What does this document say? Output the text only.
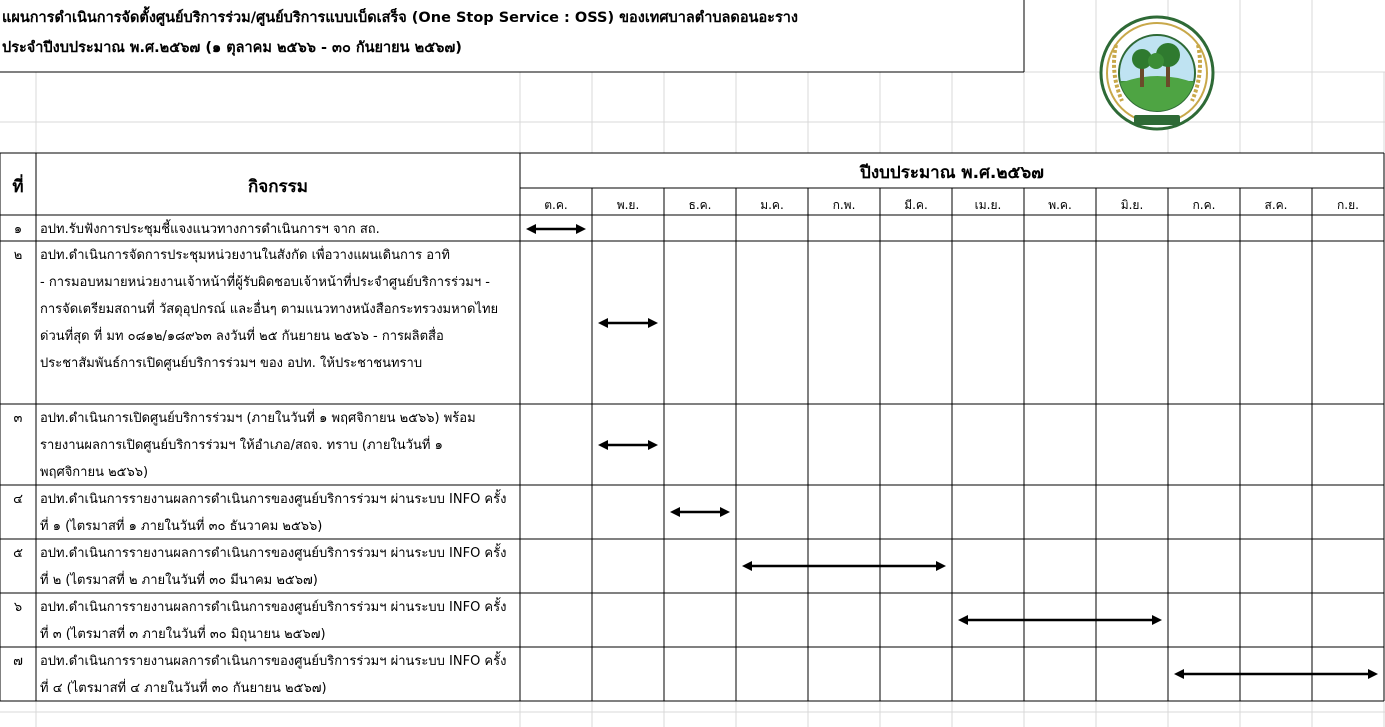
แผนการดำเนินการจัดตั้งศูนย์บริการร่วม/ศูนย์บริการแบบเบ็ดเสร็จ (One Stop Service : OSS) ของเทศบาลตำบลดอนอะราง
ประจำปีงบประมาณ พ.ศ.๒๕๖๗ (๑ ตุลาคม ๒๕๖๖ - ๓๐ กันยายน ๒๕๖๗)
ที่	กิจกรรม
ปีงบประมาณ พ.ศ.๒๕๖๗
ต.ค.	พ.ย.	ธ.ค.	ม.ค.	ก.พ.	มี.ค.	เม.ย.	พ.ค.	มิ.ย.	ก.ค.	ส.ค.	ก.ย.
๑	อปท.รับฟังการประชุมชี้แจงแนวทางการดำเนินการฯ จาก สถ.
๒	อปท.ดำเนินการจัดการประชุมหน่วยงานในสังกัด เพื่อวางแผนเดินการ อาทิ
- การมอบหมายหน่วยงานเจ้าหน้าที่ผู้รับผิดชอบเจ้าหน้าที่ประจำศูนย์บริการร่วมฯ -
การจัดเตรียมสถานที่ วัสดุอุปกรณ์ และอื่นๆ ตามแนวทางหนังสือกระทรวงมหาดไทย
ด่วนที่สุด ที่ มท ๐๘๑๒/๑๘๙๖๓ ลงวันที่ ๒๕ กันยายน ๒๕๖๖ - การผลิตสื่อ
ประชาสัมพันธ์การเปิดศูนย์บริการร่วมฯ ของ อปท. ให้ประชาชนทราบ
๓	อปท.ดำเนินการเปิดศูนย์บริการร่วมฯ (ภายในวันที่ ๑ พฤศจิกายน ๒๕๖๖) พร้อม
รายงานผลการเปิดศูนย์บริการร่วมฯ ให้อำเภอ/สถจ. ทราบ (ภายในวันที่ ๑
พฤศจิกายน ๒๕๖๖)
๔	อปท.ดำเนินการรายงานผลการดำเนินการของศูนย์บริการร่วมฯ ผ่านระบบ INFO ครั้ง
ที่ ๑ (ไตรมาสที่ ๑ ภายในวันที่ ๓๐ ธันวาคม ๒๕๖๖)
๕	อปท.ดำเนินการรายงานผลการดำเนินการของศูนย์บริการร่วมฯ ผ่านระบบ INFO ครั้ง
ที่ ๒ (ไตรมาสที่ ๒ ภายในวันที่ ๓๐ มีนาคม ๒๕๖๗)
๖	อปท.ดำเนินการรายงานผลการดำเนินการของศูนย์บริการร่วมฯ ผ่านระบบ INFO ครั้ง
ที่ ๓ (ไตรมาสที่ ๓ ภายในวันที่ ๓๐ มิถุนายน ๒๕๖๗)
๗	อปท.ดำเนินการรายงานผลการดำเนินการของศูนย์บริการร่วมฯ ผ่านระบบ INFO ครั้ง
ที่ ๔ (ไตรมาสที่ ๔ ภายในวันที่ ๓๐ กันยายน ๒๕๖๗)
